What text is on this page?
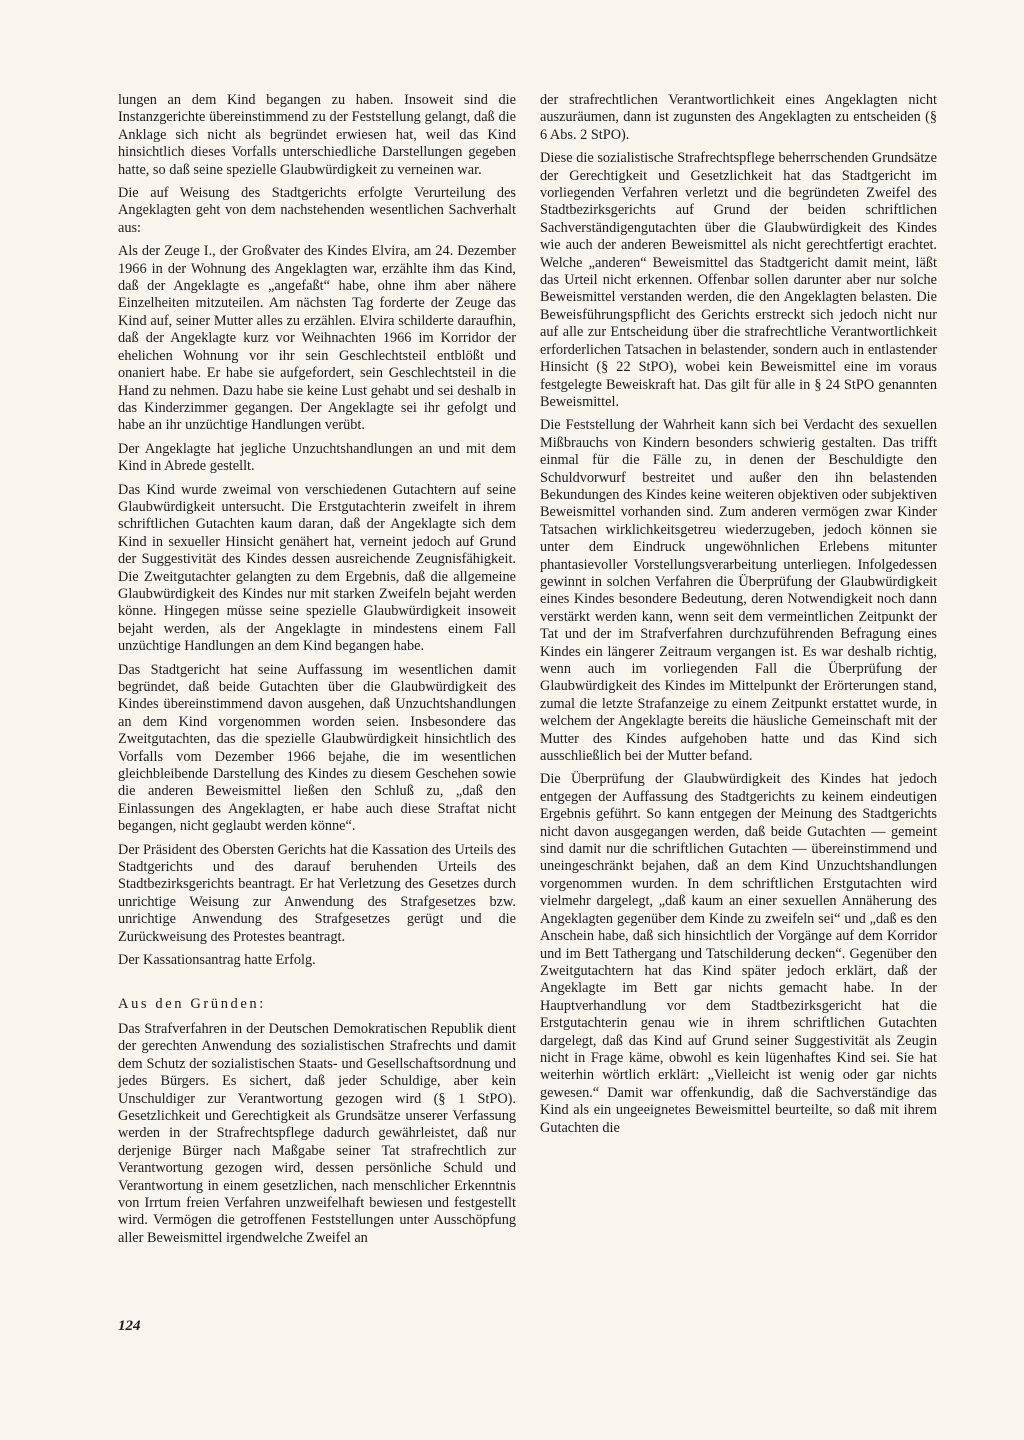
lungen an dem Kind begangen zu haben. Insoweit sind die Instanzgerichte übereinstimmend zu der Feststellung gelangt, daß die Anklage sich nicht als begründet erwiesen hat, weil das Kind hinsichtlich dieses Vorfalls unterschiedliche Darstellungen gegeben hatte, so daß seine spezielle Glaubwürdigkeit zu verneinen war.

Die auf Weisung des Stadtgerichts erfolgte Verurteilung des Angeklagten geht von dem nachstehenden wesentlichen Sachverhalt aus:

Als der Zeuge I., der Großvater des Kindes Elvira, am 24. Dezember 1966 in der Wohnung des Angeklagten war, erzählte ihm das Kind, daß der Angeklagte es „angefaßt“ habe, ohne ihm aber nähere Einzelheiten mitzuteilen. Am nächsten Tag forderte der Zeuge das Kind auf, seiner Mutter alles zu erzählen. Elvira schilderte daraufhin, daß der Angeklagte kurz vor Weihnachten 1966 im Korridor der ehelichen Wohnung vor ihr sein Geschlechtsteil entblößt und onaniert habe. Er habe sie aufgefordert, sein Geschlechtsteil in die Hand zu nehmen. Dazu habe sie keine Lust gehabt und sei deshalb in das Kinderzimmer gegangen. Der Angeklagte sei ihr gefolgt und habe an ihr unzüchtige Handlungen verübt.

Der Angeklagte hat jegliche Unzuchtshandlungen an und mit dem Kind in Abrede gestellt.

Das Kind wurde zweimal von verschiedenen Gutachtern auf seine Glaubwürdigkeit untersucht. Die Erstgutachterin zweifelt in ihrem schriftlichen Gutachten kaum daran, daß der Angeklagte sich dem Kind in sexueller Hinsicht genähert hat, verneint jedoch auf Grund der Suggestivität des Kindes dessen ausreichende Zeugnisfähigkeit. Die Zweitgutachter gelangten zu dem Ergebnis, daß die allgemeine Glaubwürdigkeit des Kindes nur mit starken Zweifeln bejaht werden könne. Hingegen müsse seine spezielle Glaubwürdigkeit insoweit bejaht werden, als der Angeklagte in mindestens einem Fall unzüchtige Handlungen an dem Kind begangen habe.

Das Stadtgericht hat seine Auffassung im wesentlichen damit begründet, daß beide Gutachten über die Glaubwürdigkeit des Kindes übereinstimmend davon ausgehen, daß Unzuchtshandlungen an dem Kind vorgenommen worden seien. Insbesondere das Zweitgutachten, das die spezielle Glaubwürdigkeit hinsichtlich des Vorfalls vom Dezember 1966 bejahe, die im wesentlichen gleichbleibende Darstellung des Kindes zu diesem Geschehen sowie die anderen Beweismittel ließen den Schluß zu, „daß den Einlassungen des Angeklagten, er habe auch diese Straftat nicht begangen, nicht geglaubt werden könne“.

Der Präsident des Obersten Gerichts hat die Kassation des Urteils des Stadtgerichts und des darauf beruhenden Urteils des Stadtbezirksgerichts beantragt. Er hat Verletzung des Gesetzes durch unrichtige Weisung zur Anwendung des Strafgesetzes bzw. unrichtige Anwendung des Strafgesetzes gerügt und die Zurückweisung des Protestes beantragt.

Der Kassationsantrag hatte Erfolg.

Aus den Gründen:

Das Strafverfahren in der Deutschen Demokratischen Republik dient der gerechten Anwendung des sozialistischen Strafrechts und damit dem Schutz der sozialistischen Staats- und Gesellschaftsordnung und jedes Bürgers. Es sichert, daß jeder Schuldige, aber kein Unschuldiger zur Verantwortung gezogen wird (§ 1 StPO). Gesetzlichkeit und Gerechtigkeit als Grundsätze unserer Verfassung werden in der Strafrechtspflege dadurch gewährleistet, daß nur derjenige Bürger nach Maßgabe seiner Tat strafrechtlich zur Verantwortung gezogen wird, dessen persönliche Schuld und Verantwortung in einem gesetzlichen, nach menschlicher Erkenntnis von Irrtum freien Verfahren unzweifelhaft bewiesen und festgestellt wird. Vermögen die getroffenen Feststellungen unter Ausschöpfung aller Beweismittel irgendwelche Zweifel an

der strafrechtlichen Verantwortlichkeit eines Angeklagten nicht auszuräumen, dann ist zugunsten des Angeklagten zu entscheiden (§ 6 Abs. 2 StPO).

Diese die sozialistische Strafrechtspflege beherrschenden Grundsätze der Gerechtigkeit und Gesetzlichkeit hat das Stadtgericht im vorliegenden Verfahren verletzt und die begründeten Zweifel des Stadtbezirksgerichts auf Grund der beiden schriftlichen Sachverständigengutachten über die Glaubwürdigkeit des Kindes wie auch der anderen Beweismittel als nicht gerechtfertigt erachtet. Welche „anderen“ Beweismittel das Stadtgericht damit meint, läßt das Urteil nicht erkennen. Offenbar sollen darunter aber nur solche Beweismittel verstanden werden, die den Angeklagten belasten. Die Beweisführungspflicht des Gerichts erstreckt sich jedoch nicht nur auf alle zur Entscheidung über die strafrechtliche Verantwortlichkeit erforderlichen Tatsachen in belastender, sondern auch in entlastender Hinsicht (§ 22 StPO), wobei kein Beweismittel eine im voraus festgelegte Beweiskraft hat. Das gilt für alle in § 24 StPO genannten Beweismittel.

Die Feststellung der Wahrheit kann sich bei Verdacht des sexuellen Mißbrauchs von Kindern besonders schwierig gestalten. Das trifft einmal für die Fälle zu, in denen der Beschuldigte den Schuldvorwurf bestreitet und außer den ihn belastenden Bekundungen des Kindes keine weiteren objektiven oder subjektiven Beweismittel vorhanden sind. Zum anderen vermögen zwar Kinder Tatsachen wirklichkeitsgetreu wiederzugeben, jedoch können sie unter dem Eindruck ungewöhnlichen Erlebens mitunter phantasievoller Vorstellungsverarbeitung unterliegen. Infolgedessen gewinnt in solchen Verfahren die Überprüfung der Glaubwürdigkeit eines Kindes besondere Bedeutung, deren Notwendigkeit noch dann verstärkt werden kann, wenn seit dem vermeintlichen Zeitpunkt der Tat und der im Strafverfahren durchzuführenden Befragung eines Kindes ein längerer Zeitraum vergangen ist. Es war deshalb richtig, wenn auch im vorliegenden Fall die Überprüfung der Glaubwürdigkeit des Kindes im Mittelpunkt der Erörterungen stand, zumal die letzte Strafanzeige zu einem Zeitpunkt erstattet wurde, in welchem der Angeklagte bereits die häusliche Gemeinschaft mit der Mutter des Kindes aufgehoben hatte und das Kind sich ausschließlich bei der Mutter befand.

Die Überprüfung der Glaubwürdigkeit des Kindes hat jedoch entgegen der Auffassung des Stadtgerichts zu keinem eindeutigen Ergebnis geführt. So kann entgegen der Meinung des Stadtgerichts nicht davon ausgegangen werden, daß beide Gutachten — gemeint sind damit nur die schriftlichen Gutachten — übereinstimmend und uneingeschränkt bejahen, daß an dem Kind Unzuchtshandlungen vorgenommen wurden. In dem schriftlichen Erstgutachten wird vielmehr dargelegt, „daß kaum an einer sexuellen Annäherung des Angeklagten gegenüber dem Kinde zu zweifeln sei“ und „daß es den Anschein habe, daß sich hinsichtlich der Vorgänge auf dem Korridor und im Bett Tathergang und Tatschilderung decken“. Gegenüber den Zweitgutachtern hat das Kind später jedoch erklärt, daß der Angeklagte im Bett gar nichts gemacht habe. In der Hauptverhandlung vor dem Stadtbezirksgericht hat die Erstgutachterin genau wie in ihrem schriftlichen Gutachten dargelegt, daß das Kind auf Grund seiner Suggestivität als Zeugin nicht in Frage käme, obwohl es kein lügenhaftes Kind sei. Sie hat weiterhin wörtlich erklärt: „Vielleicht ist wenig oder gar nichts gewesen.“ Damit war offenkundig, daß die Sachverständige das Kind als ein ungeeignetes Beweismittel beurteilte, so daß mit ihrem Gutachten die

124
